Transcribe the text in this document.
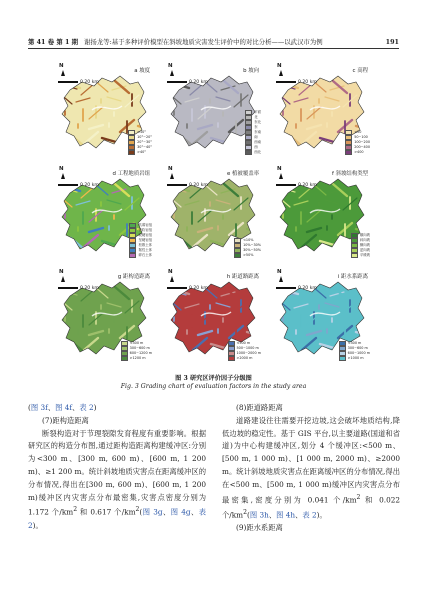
第 41 卷 第 1 期 谢扬龙等:基于多种评价模型在斜坡地质灾害发生评价中的对比分析——以武汉市为例	191
N
0 20 km
a 坡度
<10°
10°~20°
20°~30°
30°~40°
>40°
N
0 20 km
b 坡向
平面
北
东北
东
东南
南
西南
西
西北
N
0 20 km
c 高程
<50
50~100
100~200
200~400
>400
N
0 20 km
d 工程地质岩组
软弱岩组
较软岩组
较硬岩组
坚硬岩组
松散土体
黏性土体
碎石土体
N
0 20 km
e 植被覆盖率
<10%
10%~30%
30%~50%
>50%
N
0 20 km
f 斜坡结构类型
顺向坡
斜向坡
横向坡
逆向坡
平缓坡
N
0 20 km
g 距构造距离
<300 m
300~600 m
600~1200 m
>1200 m
N
0 20 km
h 距道路距离
<500 m
500~1000 m
1000~2000 m
>2000 m
N
0 20 km
i 距水系距离
<300 m
300~600 m
600~1000 m
>1000 m
图 3 研究区评价因子分级图
Fig. 3 Grading chart of evaluation factors in the study area

(图 3f、图 4f、表 2)

(7)距构造距离

断裂构造对于节理裂隙发育程度有重要影响。根据研究区的构造分布图,通过距构造距离构建缓冲区:分别为<300 m、[300 m, 600 m)、[600 m, 1 200 m)、≥1 200 m。统计斜坡地质灾害点在距离缓冲区的分布情况,得出在[300 m, 600 m)、[600 m, 1 200 m)缓冲区内灾害点分布最密集,灾害点密度分别为 1.172 个$/km^2$ 和 0.617 个$/km^2$(图 3g、图 4g、表 2)。

(8)距道路距离

道路建设往往需要开挖边坡,这会破坏地质结构,降低边坡的稳定性。基于 GIS 平台,以主要道路(国道和省道)为中心构建缓冲区,划分 4 个缓冲区:<500 m、[500 m, 1 000 m)、[1 000 m, 2000 m)、≥2000 m。统计斜坡地质灾害点在距离缓冲区的分布情况,得出在<500 m、[500 m, 1 000 m)缓冲区内灾害点分布最密集,密度分别为 0.041 个$/km^2$ 和 0.022 个$/km^2$(图 3h、图 4h、表 2)。

(9)距水系距离
